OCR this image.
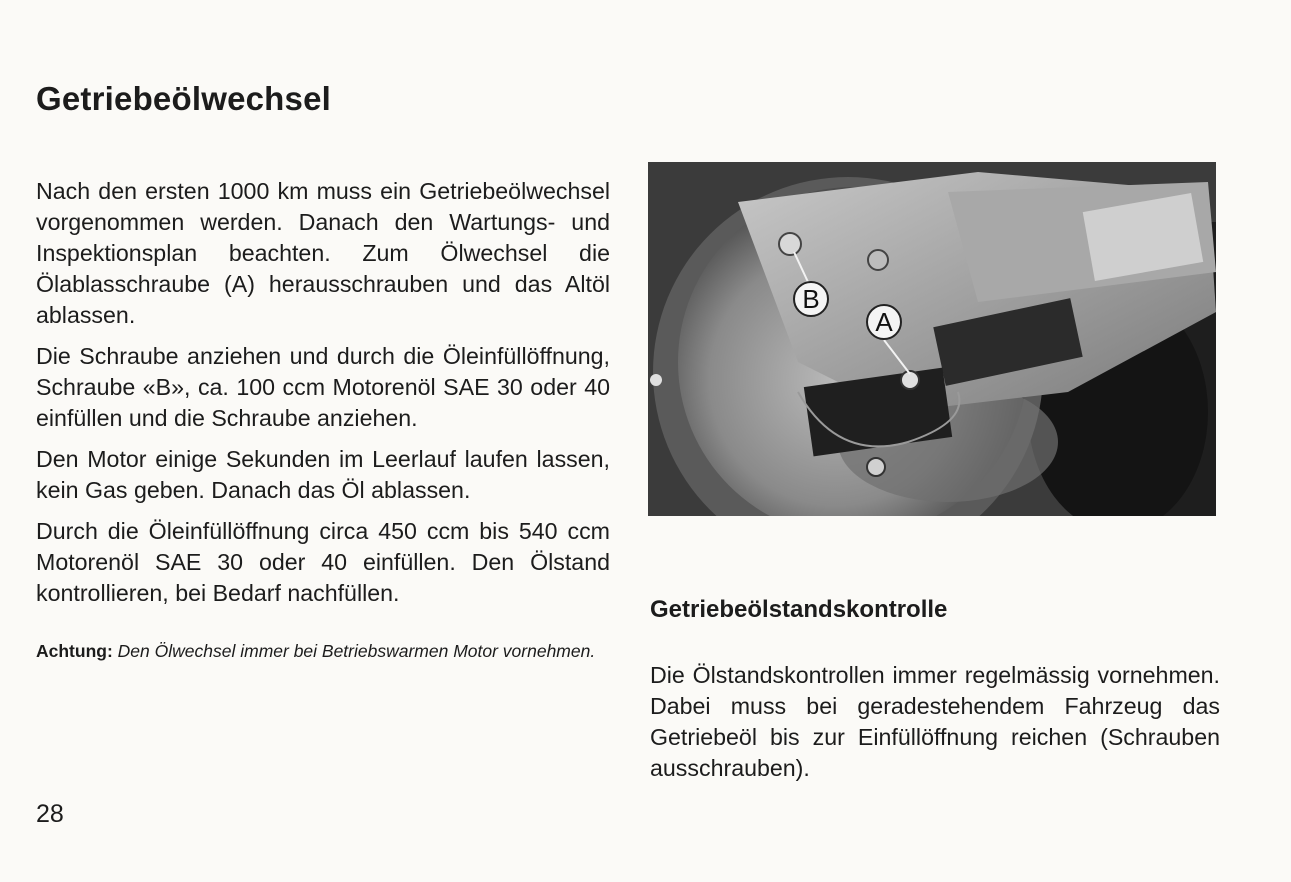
Getriebeölwechsel

Nach den ersten 1000 km muss ein Getriebeölwechsel vorgenommen werden. Danach den Wartungs- und Inspektionsplan beachten. Zum Ölwechsel die Ölablasschraube (A) herausschrauben und das Altöl ablassen.

Die Schraube anziehen und durch die Öleinfüllöffnung, Schraube «B», ca. 100 ccm Motorenöl SAE 30 oder 40 einfüllen und die Schraube anziehen.

Den Motor einige Sekunden im Leerlauf laufen lassen, kein Gas geben. Danach das Öl ablassen.

Durch die Öleinfüllöffnung circa 450 ccm bis 540 ccm Motorenöl SAE 30 oder 40 einfüllen. Den Ölstand kontrollieren, bei Bedarf nachfüllen.

Achtung: Den Ölwechsel immer bei Betriebswarmen Motor vornehmen.
28
B
A
Getriebeölstandskontrolle

Die Ölstandskontrollen immer regelmässig vornehmen. Dabei muss bei geradestehendem Fahrzeug das Getriebeöl bis zur Einfüllöffnung reichen (Schrauben ausschrauben).
